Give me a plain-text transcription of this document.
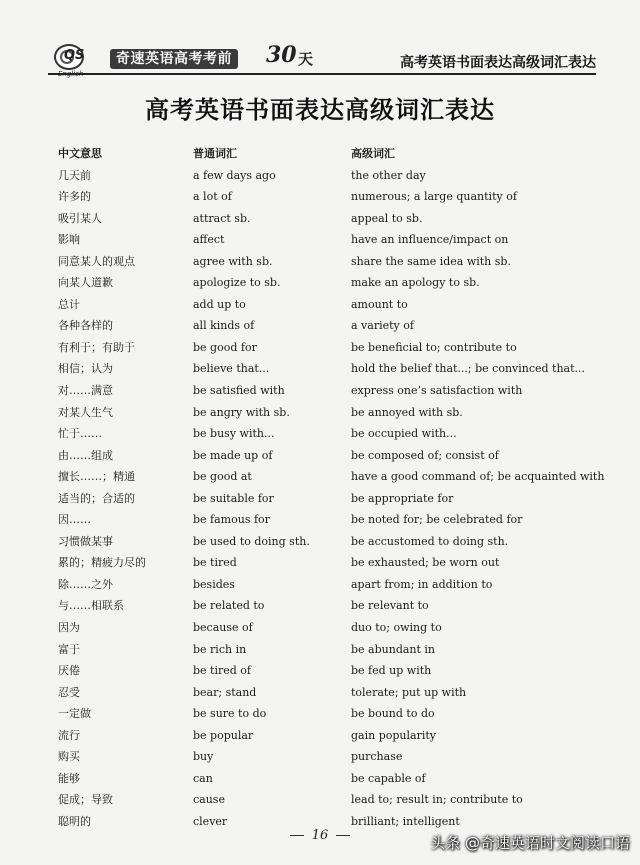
QS	奇速英语高考考前 30 天	高考英语书面表达高级词汇表达
高考英语书面表达高级词汇表达
中文意思	普通词汇	高级词汇
几天前	a few days ago	the other day
许多的	a lot of	numerous; a large quantity of
吸引某人	attract sb.	appeal to sb.
影响	affect	have an influence/impact on
同意某人的观点	agree with sb.	share the same idea with sb.
向某人道歉	apologize to sb.	make an apology to sb.
总计	add up to	amount to
各种各样的	all kinds of	a variety of
有利于；有助于	be good for	be beneficial to; contribute to
相信；认为	believe that...	hold the belief that...; be convinced that...
对……满意	be satisfied with	express one’s satisfaction with
对某人生气	be angry with sb.	be annoyed with sb.
忙于……	be busy with...	be occupied with...
由……组成	be made up of	be composed of; consist of
擅长……；精通	be good at	have a good command of; be acquainted with
适当的；合适的	be suitable for	be appropriate for
因……	be famous for	be noted for; be celebrated for
习惯做某事	be used to doing sth.	be accustomed to doing sth.
累的；精疲力尽的	be tired	be exhausted; be worn out
除……之外	besides	apart from; in addition to
与……相联系	be related to	be relevant to
因为	because of	duo to; owing to
富于	be rich in	be abundant in
厌倦	be tired of	be fed up with
忍受	bear; stand	tolerate; put up with
一定做	be sure to do	be bound to do
流行	be popular	gain popularity
购买	buy	purchase
能够	can	be capable of
促成；导致	cause	lead to; result in; contribute to
聪明的	clever	brilliant; intelligent
16	头条 @奇速英语时文阅读口语
